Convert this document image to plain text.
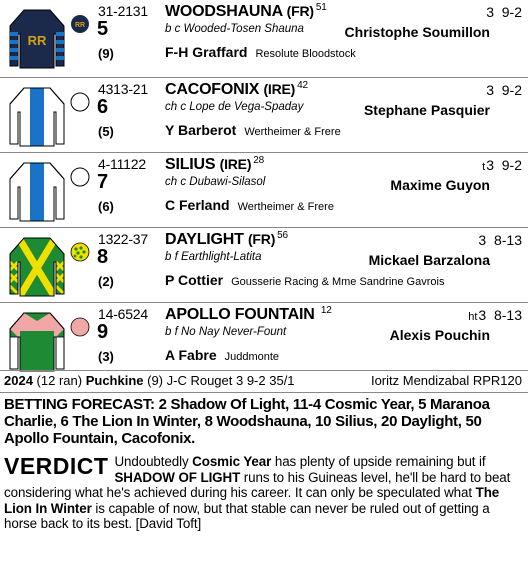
RR
RR
31-2131
5
(9)
WOODSHAUNA (FR) $^{51}$
b c Wooded-Tosen Shauna
F-H Graffard Resolute Bloodstock
3 9-2
Christophe Soumillon
4313-21
6
(5)
CACOFONIX (IRE) $^{42}$
ch c Lope de Vega-Spaday
Y Barberot Wertheimer & Frere
3 9-2
Stephane Pasquier
4-11122
7
(6)
SILIUS (IRE) $^{28}$
ch c Dubawi-Silasol
C Ferland Wertheimer & Frere
t3 9-2
Maxime Guyon
1322-37
8
(2)
DAYLIGHT (FR) $^{56}$
b f Earthlight-Latita
P Cottier Gousserie Racing & Mme Sandrine Gavrois
3 8-13
Mickael Barzalona
14-6524
9
(3)
APOLLO FOUNTAIN $^{12}$
b f No Nay Never-Fount
A Fabre Juddmonte
ht3 8-13
Alexis Pouchin
2024 (12 ran) Puchkine (9) J-C Rouget 3 9-2 35/1	Ioritz Mendizabal RPR120
BETTING FORECAST: 2 Shadow Of Light, 11-4 Cosmic Year, 5 Maranoa Charlie, 6 The Lion In Winter, 8 Woodshauna, 10 Silius, 20 Daylight, 50 Apollo Fountain, Cacofonix.
VERDICT Undoubtedly Cosmic Year has plenty of upside remaining but if SHADOW OF LIGHT runs to his Guineas level, he'll be hard to beat considering what he's achieved during his career. It can only be speculated what The Lion In Winter is capable of now, but that stable can never be ruled out of getting a horse back to its best. [David Toft]
